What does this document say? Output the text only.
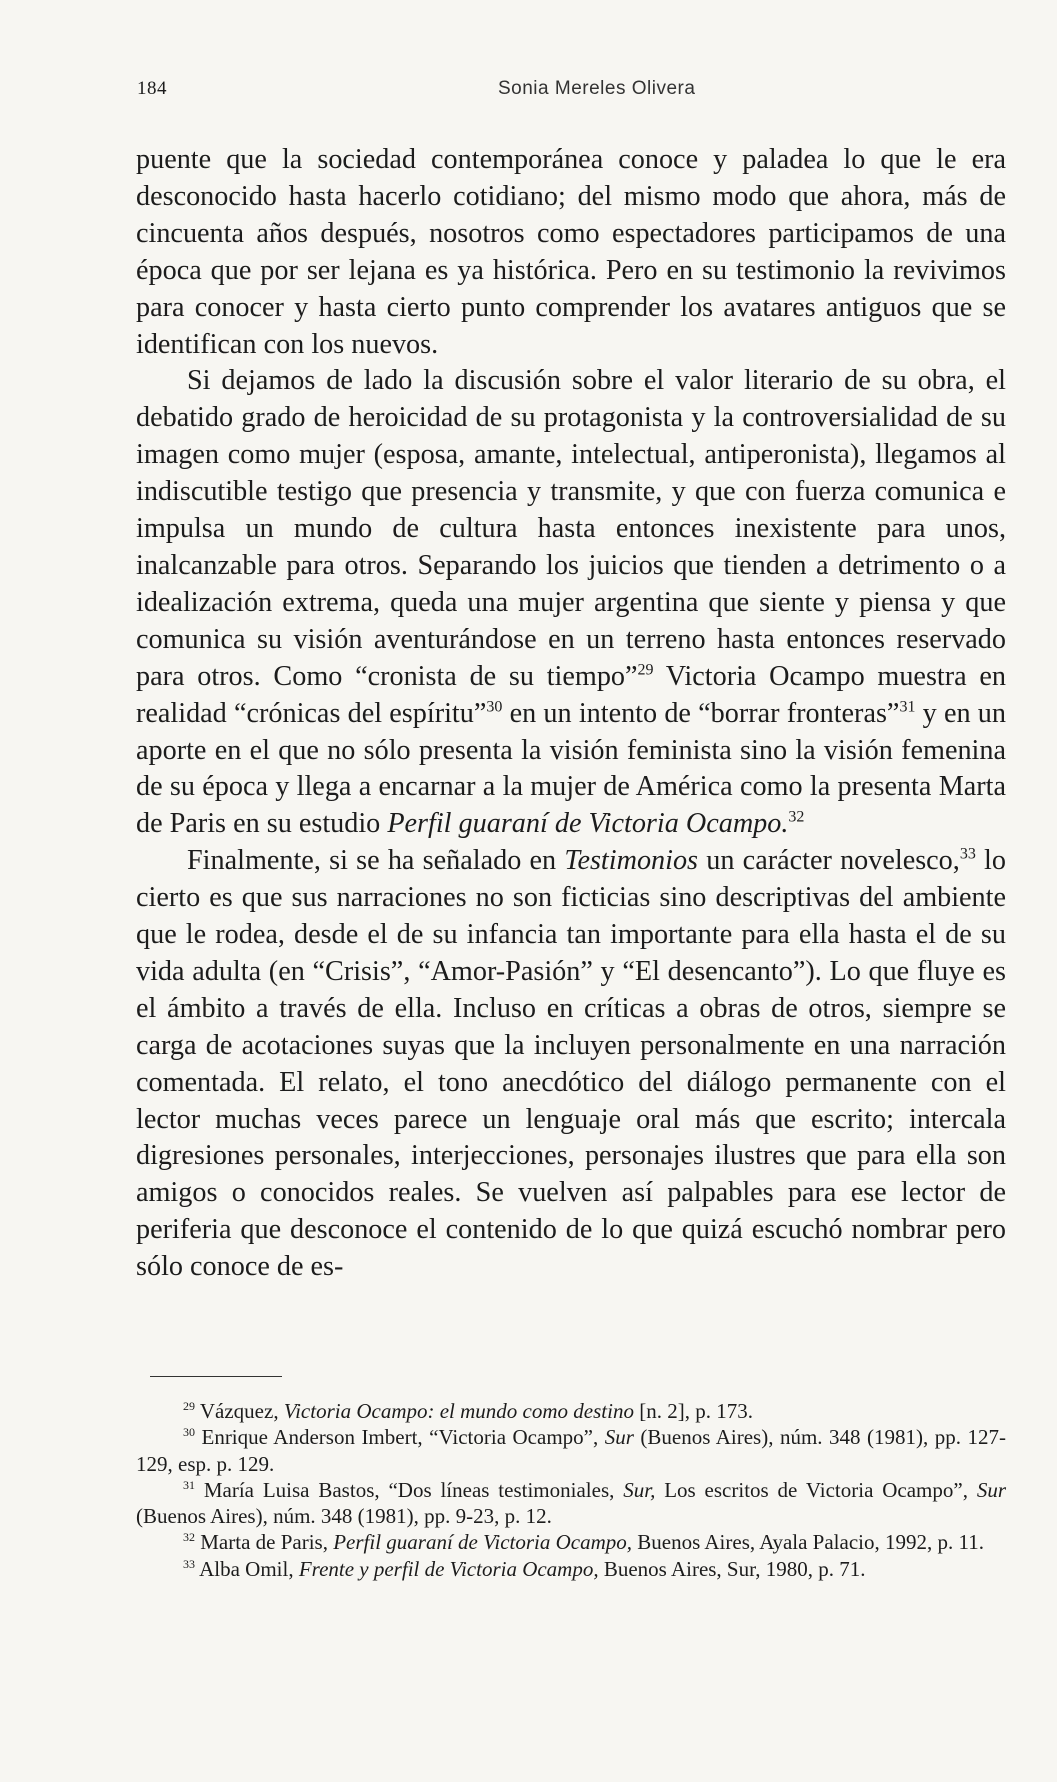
184	Sonia Mereles Olivera

puente que la sociedad contemporánea conoce y paladea lo que le era desconocido hasta hacerlo cotidiano; del mismo modo que ahora, más de cincuenta años después, nosotros como espectadores participamos de una época que por ser lejana es ya histórica. Pero en su testimonio la revivimos para conocer y hasta cierto punto comprender los avatares antiguos que se identifican con los nuevos.

Si dejamos de lado la discusión sobre el valor literario de su obra, el debatido grado de heroicidad de su protagonista y la controversialidad de su imagen como mujer (esposa, amante, intelectual, antiperonista), llegamos al indiscutible testigo que presencia y transmite, y que con fuerza comunica e impulsa un mundo de cultura hasta entonces inexistente para unos, inalcanzable para otros. Separando los juicios que tienden a detrimento o a idealización extrema, queda una mujer argentina que siente y piensa y que comunica su visión aventurándose en un terreno hasta entonces reservado para otros. Como “cronista de su tiempo”$^{29}$ Victoria Ocampo muestra en realidad “crónicas del espíritu”$^{30}$ en un intento de “borrar fronteras”$^{31}$ y en un aporte en el que no sólo presenta la visión feminista sino la visión femenina de su época y llega a encarnar a la mujer de América como la presenta Marta de Paris en su estudio Perfil guaraní de Victoria Ocampo.$^{32}$

Finalmente, si se ha señalado en Testimonios un carácter novelesco,$^{33}$ lo cierto es que sus narraciones no son ficticias sino descriptivas del ambiente que le rodea, desde el de su infancia tan importante para ella hasta el de su vida adulta (en “Crisis”, “Amor-Pasión” y “El desencanto”). Lo que fluye es el ámbito a través de ella. Incluso en críticas a obras de otros, siempre se carga de acotaciones suyas que la incluyen personalmente en una narración comentada. El relato, el tono anecdótico del diálogo permanente con el lector muchas veces parece un lenguaje oral más que escrito; intercala digresiones personales, interjecciones, personajes ilustres que para ella son amigos o conocidos reales. Se vuelven así palpables para ese lector de periferia que desconoce el contenido de lo que quizá escuchó nombrar pero sólo conoce de es-

$^{29}$ Vázquez, Victoria Ocampo: el mundo como destino [n. 2], p. 173.

$^{30}$ Enrique Anderson Imbert, “Victoria Ocampo”, Sur (Buenos Aires), núm. 348 (1981), pp. 127-129, esp. p. 129.

$^{31}$ María Luisa Bastos, “Dos líneas testimoniales, Sur, Los escritos de Victoria Ocampo”, Sur (Buenos Aires), núm. 348 (1981), pp. 9-23, p. 12.

$^{32}$ Marta de Paris, Perfil guaraní de Victoria Ocampo, Buenos Aires, Ayala Palacio, 1992, p. 11.

$^{33}$ Alba Omil, Frente y perfil de Victoria Ocampo, Buenos Aires, Sur, 1980, p. 71.
